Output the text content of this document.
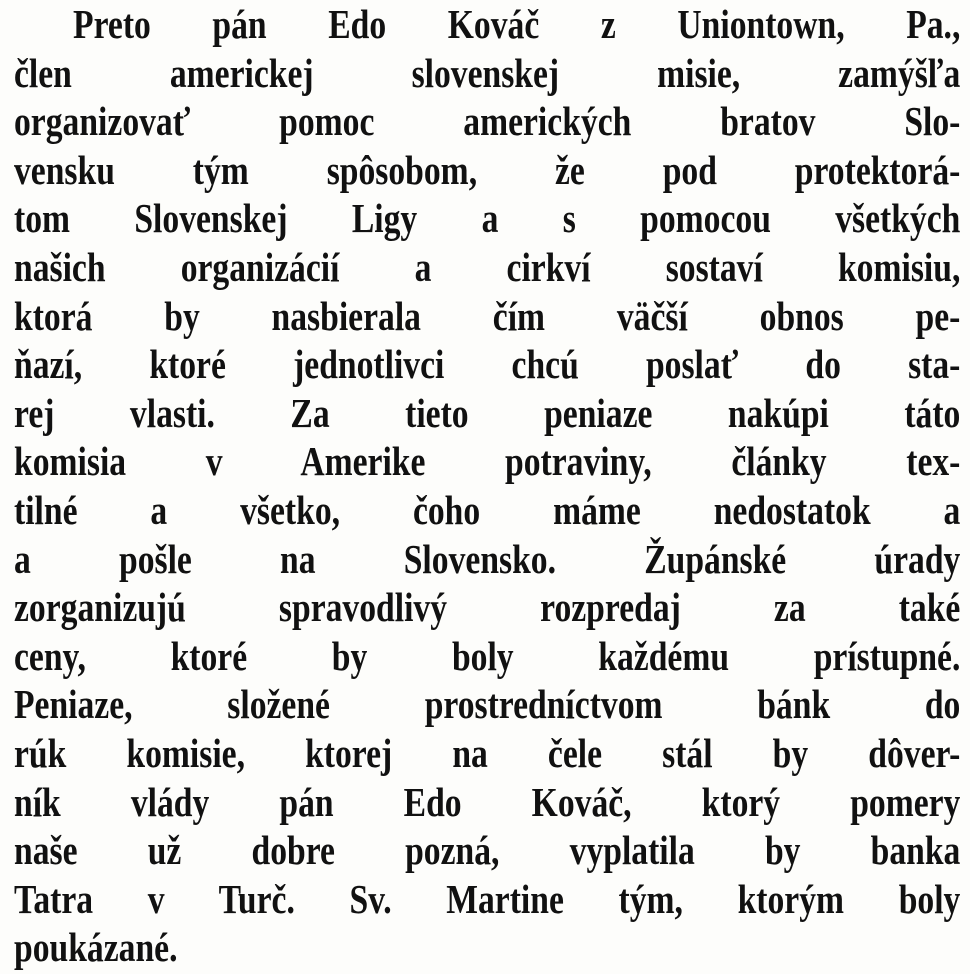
Preto pán Edo Kováč z Uniontown, Pa.,
člen americkej slovenskej misie, zamýšľa
organizovať pomoc amerických bratov Slo-
vensku tým spôsobom, že pod protektorá-
tom Slovenskej Ligy a s pomocou všetkých
našich organizácií a cirkví sostaví komisiu,
ktorá by nasbierala čím väčší obnos pe-
ňazí, ktoré jednotlivci chcú poslať do sta-
rej vlasti. Za tieto peniaze nakúpi táto
komisia v Amerike potraviny, články tex-
tilné a všetko, čoho máme nedostatok a
a pošle na Slovensko. Župánské úrady
zorganizujú spravodlivý rozpredaj za také
ceny, ktoré by boly každému prístupné.
Peniaze, složené prostredníctvom bánk do
rúk komisie, ktorej na čele stál by dôver-
ník vlády pán Edo Kováč, ktorý pomery
naše už dobre pozná, vyplatila by banka
Tatra v Turč. Sv. Martine tým, ktorým boly
poukázané.
